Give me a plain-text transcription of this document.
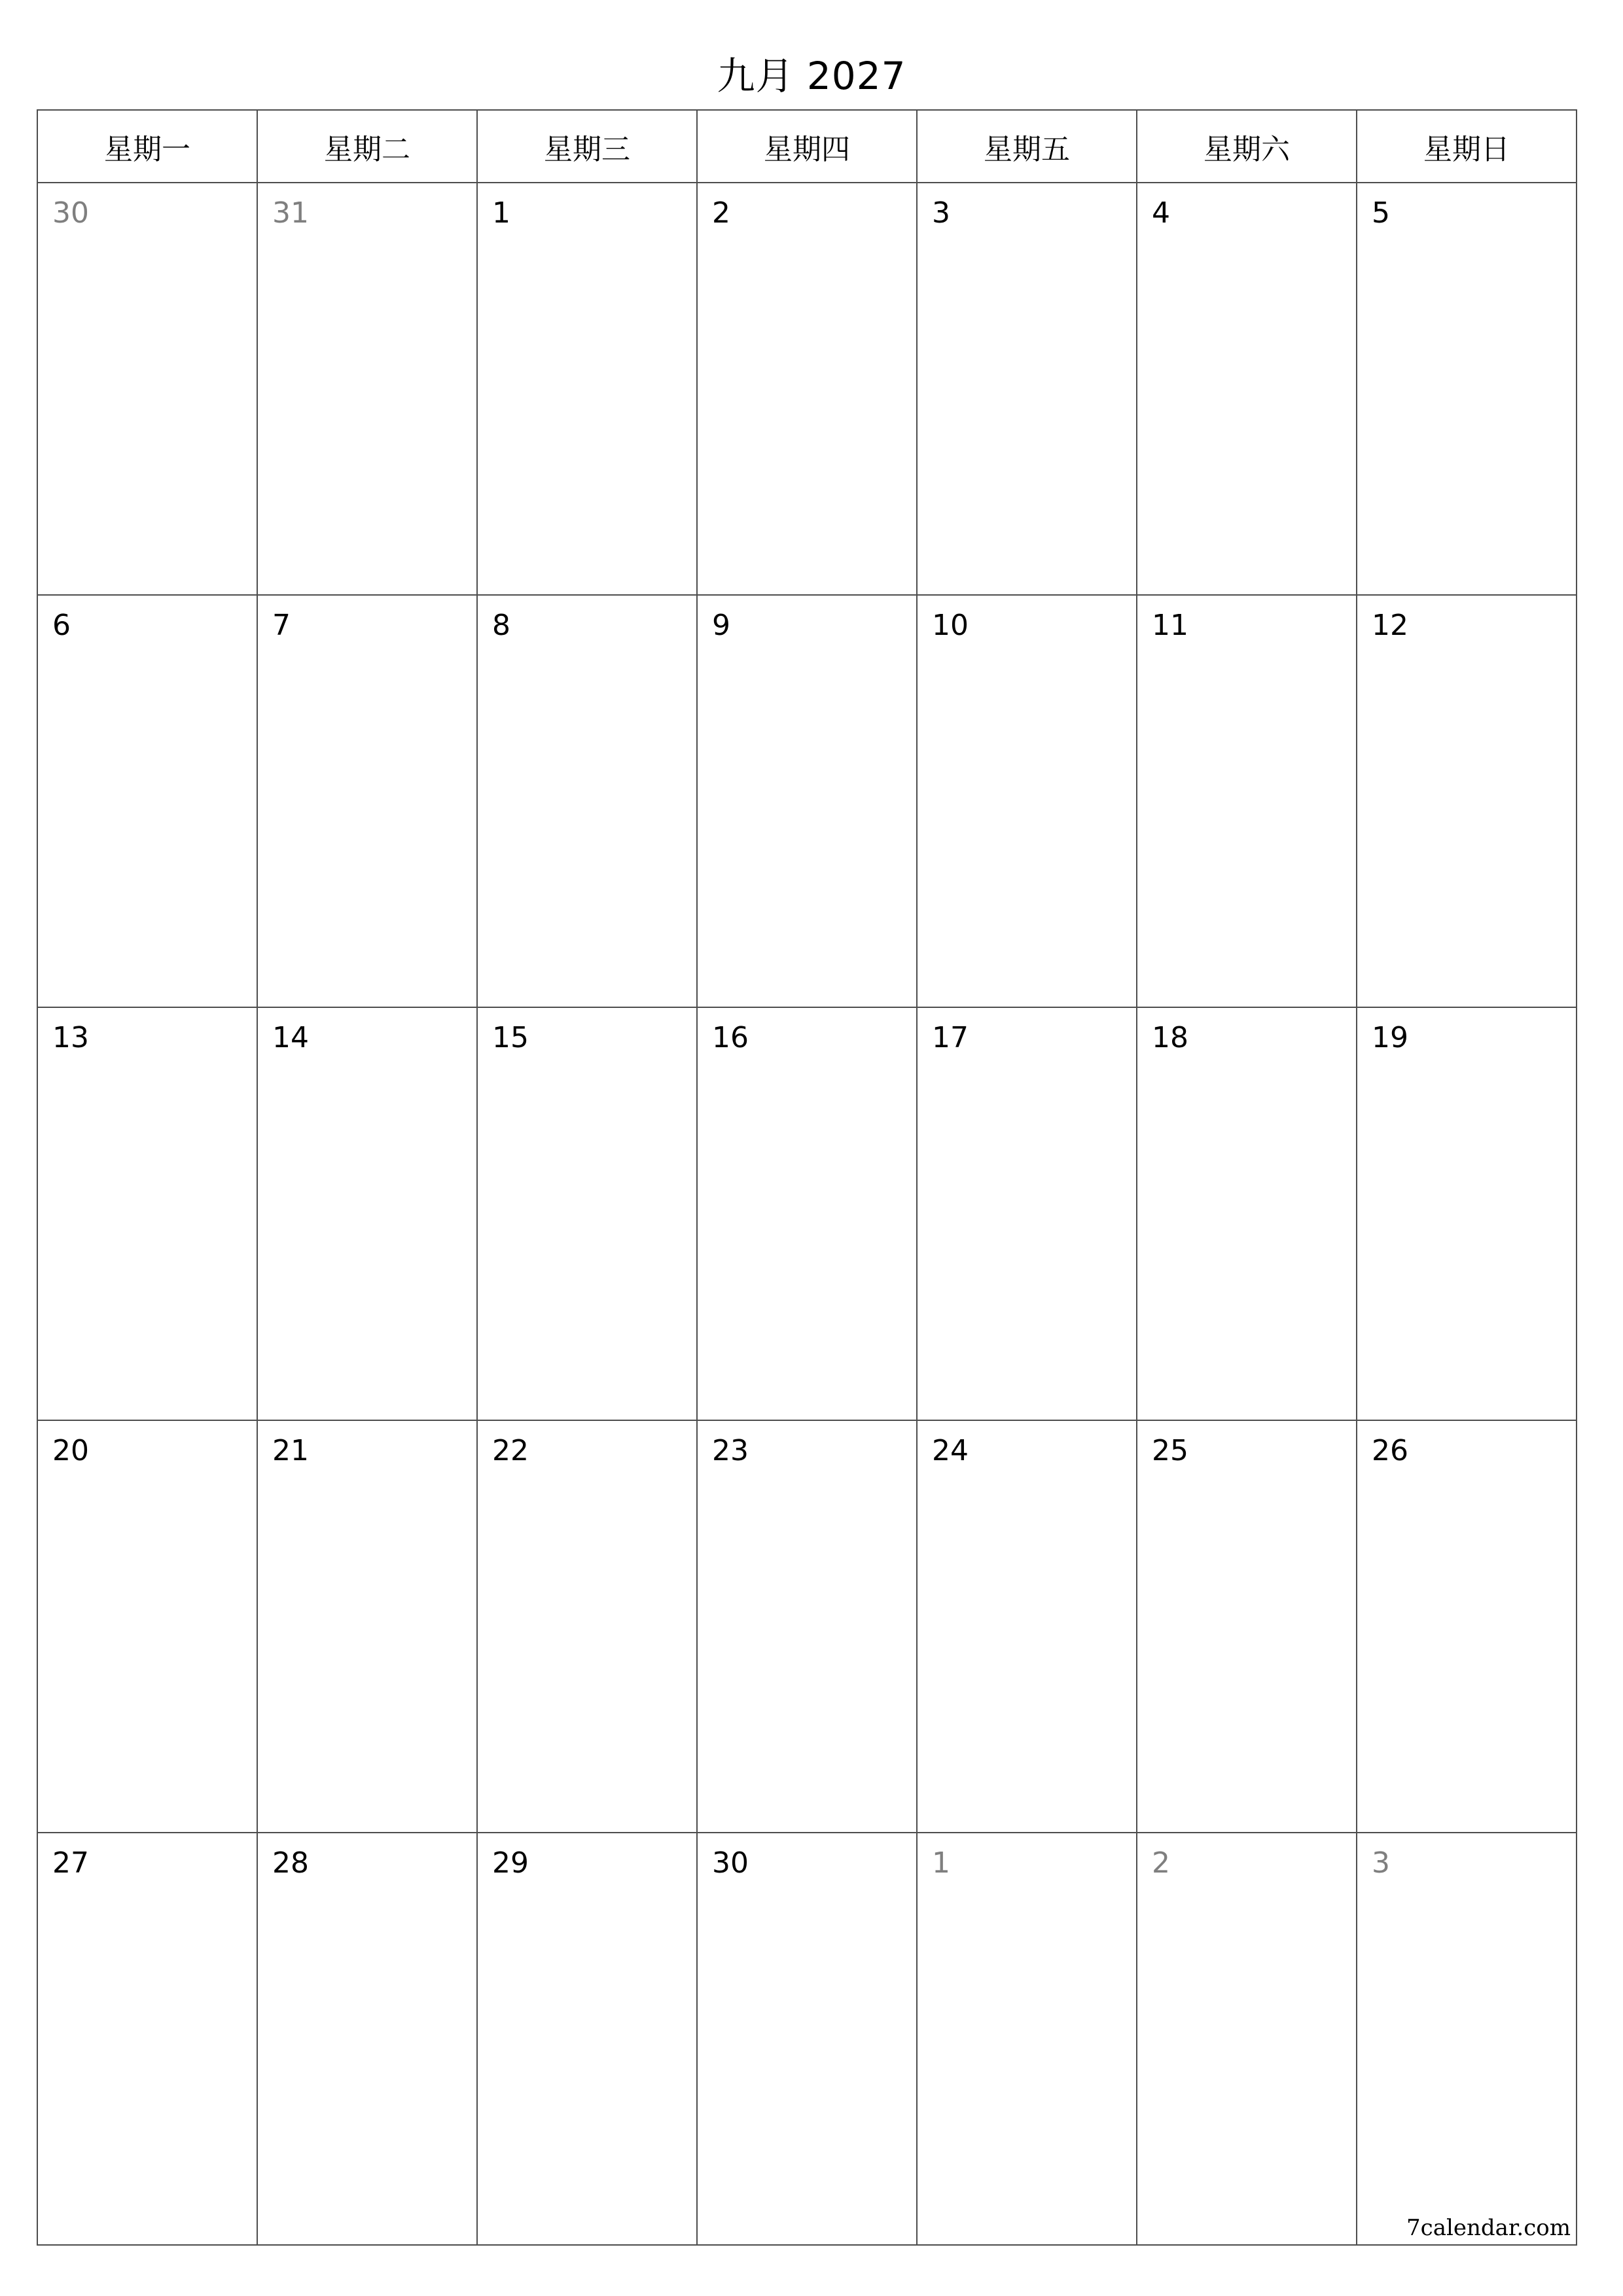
九月 2027
星期一	星期二	星期三	星期四	星期五	星期六	星期日
30	31	1	2	3	4	5
6	7	8	9	10	11	12
13	14	15	16	17	18	19
20	21	22	23	24	25	26
27	28	29	30	1	2	3
7calendar.com
